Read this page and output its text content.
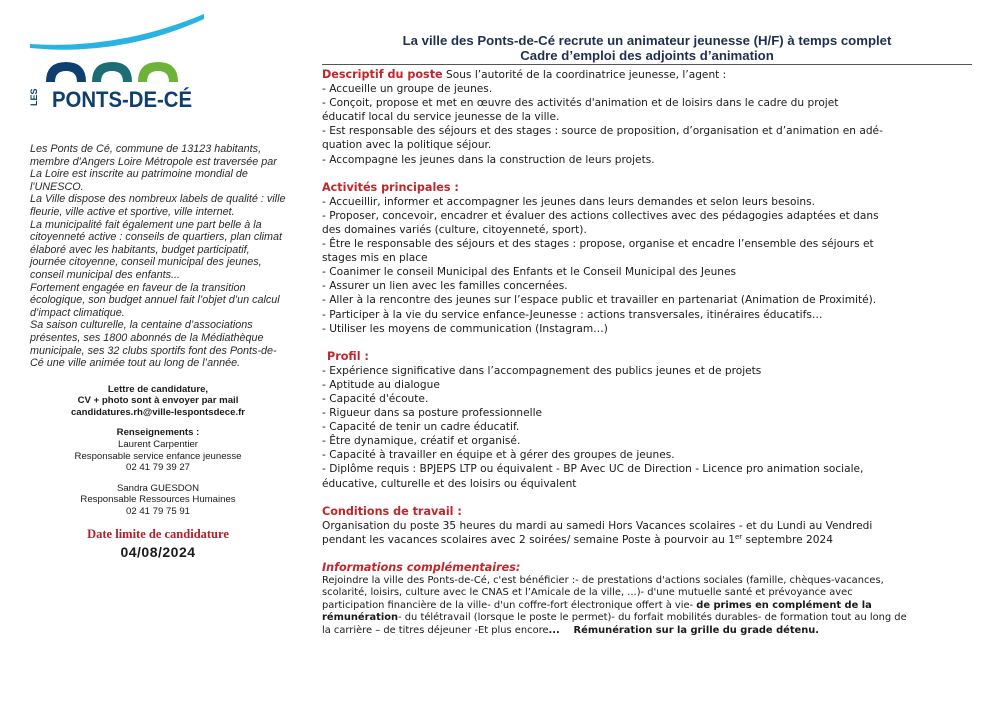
LES PONTS-DE-CÉ

Les Ponts de Cé, commune de 13123 habitants, membre d'Angers Loire Métropole est traversée par La Loire est inscrite au patrimoine mondial de l'UNESCO.

La Ville dispose des nombreux labels de qualité : ville fleurie, ville active et sportive, ville internet.

La municipalité fait également une part belle à la citoyenneté active : conseils de quartiers, plan climat élaboré avec les habitants, budget participatif, journée citoyenne, conseil municipal des jeunes, conseil municipal des enfants...

Fortement engagée en faveur de la transition écologique, son budget annuel fait l’objet d’un calcul d’impact climatique.

Sa saison culturelle, la centaine d’associations présentes, ses 1800 abonnés de la Médiathèque municipale, ses 32 clubs sportifs font des Ponts-de-Cé une ville animée tout au long de l’année.

Lettre de candidature,
CV + photo sont à envoyer par mail
candidatures.rh@ville-lespontsdece.fr
Renseignements :
Laurent Carpentier
Responsable service enfance jeunesse
02 41 79 39 27
Sandra GUESDON
Responsable Ressources Humaines
02 41 79 75 91
Date limite de candidature
04/08/2024
La ville des Ponts-de-Cé recrute un animateur jeunesse (H/F) à temps complet
Cadre d’emploi des adjoints d’animation
Descriptif du poste Sous l’autorité de la coordinatrice jeunesse, l’agent :
- Accueille un groupe de jeunes.
- Conçoit, propose et met en œuvre des activités d'animation et de loisirs dans le cadre du projet
éducatif local du service jeunesse de la ville.
- Est responsable des séjours et des stages : source de proposition, d’organisation et d’animation en adé-
quation avec la politique séjour.
- Accompagne les jeunes dans la construction de leurs projets.
Activités principales :
- Accueillir, informer et accompagner les jeunes dans leurs demandes et selon leurs besoins.
- Proposer, concevoir, encadrer et évaluer des actions collectives avec des pédagogies adaptées et dans
des domaines variés (culture, citoyenneté, sport).
- Être le responsable des séjours et des stages : propose, organise et encadre l’ensemble des séjours et
stages mis en place
- Coanimer le conseil Municipal des Enfants et le Conseil Municipal des Jeunes
- Assurer un lien avec les familles concernées.
- Aller à la rencontre des jeunes sur l’espace public et travailler en partenariat (Animation de Proximité).
- Participer à la vie du service enfance-Jeunesse : actions transversales, itinéraires éducatifs…
- Utiliser les moyens de communication (Instagram…)
Profil :
- Expérience significative dans l’accompagnement des publics jeunes et de projets
- Aptitude au dialogue
- Capacité d'écoute.
- Rigueur dans sa posture professionnelle
- Capacité de tenir un cadre éducatif.
- Être dynamique, créatif et organisé.
- Capacité à travailler en équipe et à gérer des groupes de jeunes.
- Diplôme requis : BPJEPS LTP ou équivalent - BP Avec UC de Direction - Licence pro animation sociale,
éducative, culturelle et des loisirs ou équivalent
Conditions de travail :
Organisation du poste 35 heures du mardi au samedi Hors Vacances scolaires - et du Lundi au Vendredi
pendant les vacances scolaires avec 2 soirées/ semaine Poste à pourvoir au 1er septembre 2024
Informations complémentaires:
Rejoindre la ville des Ponts-de-Cé, c'est bénéficier :- de prestations d'actions sociales (famille, chèques-vacances,
scolarité, loisirs, culture avec le CNAS et l’Amicale de la ville, ...)- d'une mutuelle santé et prévoyance avec
participation financière de la ville- d'un coffre-fort électronique offert à vie- de primes en complément de la
rémunération- du télétravail (lorsque le poste le permet)- du forfait mobilités durables- de formation tout au long de
la carrière – de titres déjeuner -Et plus encore...    Rémunération sur la grille du grade détenu.
